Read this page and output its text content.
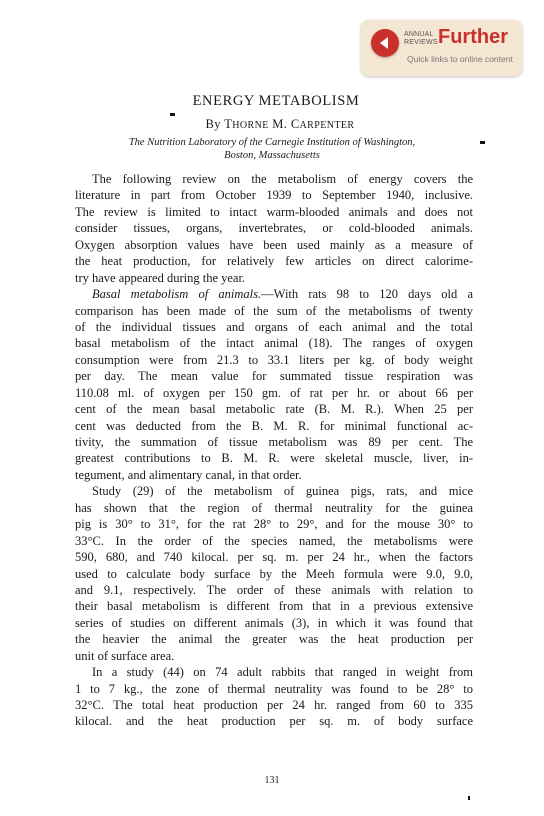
ANNUAL
REVIEWS Further
Quick links to online content
ENERGY METABOLISM
By THORNE M. CARPENTER
The Nutrition Laboratory of the Carnegie Institution of Washington,
Boston, Massachusetts
The following review on the metabolism of energy covers the
literature in part from October 1939 to September 1940, inclusive.
The review is limited to intact warm-blooded animals and does not
consider tissues, organs, invertebrates, or cold-blooded animals.
Oxygen absorption values have been used mainly as a measure of
the heat production, for relatively few articles on direct calorime-
try have appeared during the year.
Basal metabolism of animals.—With rats 98 to 120 days old a
comparison has been made of the sum of the metabolisms of twenty
of the individual tissues and organs of each animal and the total
basal metabolism of the intact animal (18). The ranges of oxygen
consumption were from 21.3 to 33.1 liters per kg. of body weight
per day. The mean value for summated tissue respiration was
110.08 ml. of oxygen per 150 gm. of rat per hr. or about 66 per
cent of the mean basal metabolic rate (B. M. R.). When 25 per
cent was deducted from the B. M. R. for minimal functional ac-
tivity, the summation of tissue metabolism was 89 per cent. The
greatest contributions to B. M. R. were skeletal muscle, liver, in-
tegument, and alimentary canal, in that order.
Study (29) of the metabolism of guinea pigs, rats, and mice
has shown that the region of thermal neutrality for the guinea
pig is 30° to 31°, for the rat 28° to 29°, and for the mouse 30° to
33°C. In the order of the species named, the metabolisms were
590, 680, and 740 kilocal. per sq. m. per 24 hr., when the factors
used to calculate body surface by the Meeh formula were 9.0, 9.0,
and 9.1, respectively. The order of these animals with relation to
their basal metabolism is different from that in a previous extensive
series of studies on different animals (3), in which it was found that
the heavier the animal the greater was the heat production per
unit of surface area.
In a study (44) on 74 adult rabbits that ranged in weight from
1 to 7 kg., the zone of thermal neutrality was found to be 28° to
32°C. The total heat production per 24 hr. ranged from 60 to 335
kilocal. and the heat production per sq. m. of body surface
131
